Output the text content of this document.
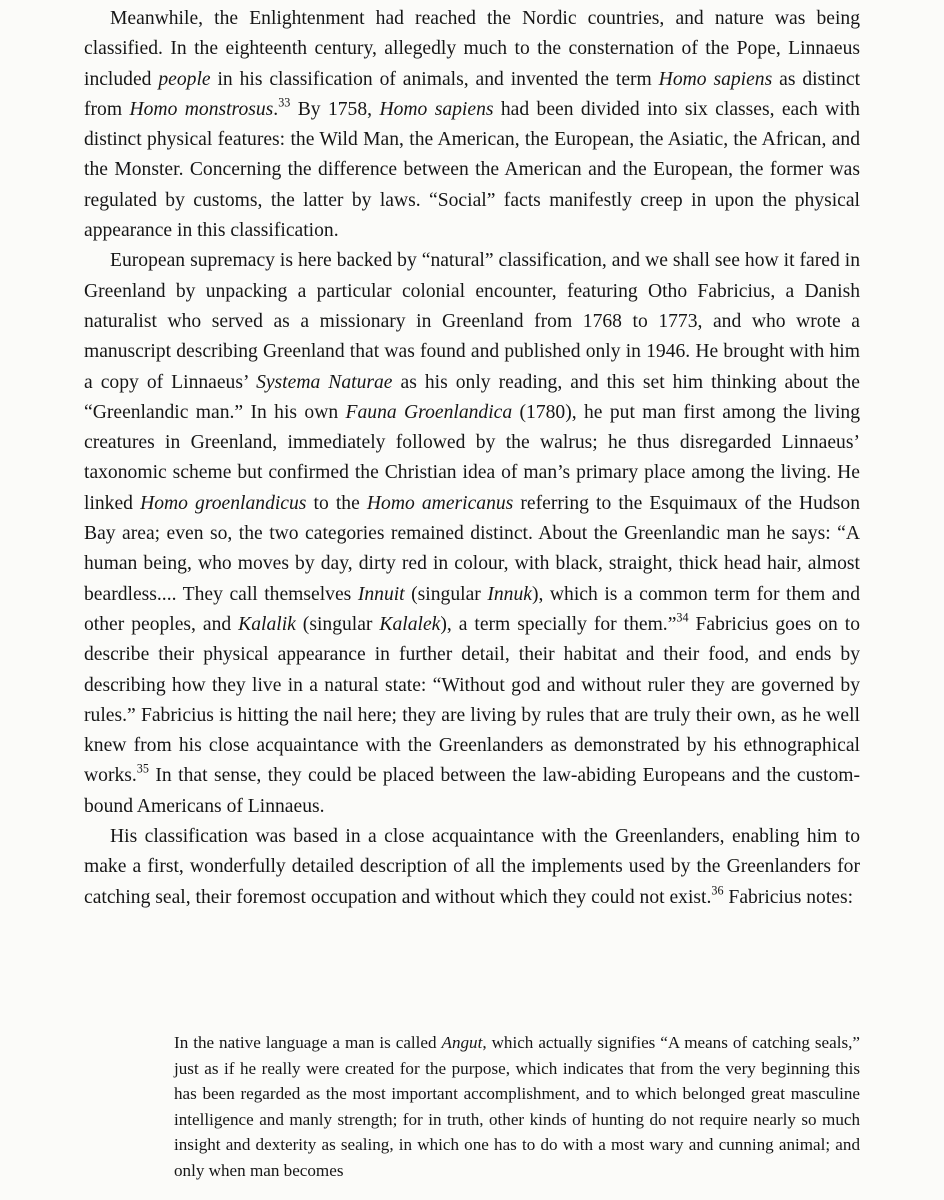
Meanwhile, the Enlightenment had reached the Nordic countries, and nature was being classified. In the eighteenth century, allegedly much to the consternation of the Pope, Linnaeus included people in his classification of animals, and invented the term Homo sapiens as distinct from Homo monstrosus.$^{33}$ By 1758, Homo sapiens had been divided into six classes, each with distinct physical features: the Wild Man, the American, the European, the Asiatic, the African, and the Monster. Concerning the difference between the American and the European, the former was regulated by customs, the latter by laws. “Social” facts manifestly creep in upon the physical appearance in this classification.

European supremacy is here backed by “natural” classification, and we shall see how it fared in Greenland by unpacking a particular colonial encounter, featuring Otho Fabricius, a Danish naturalist who served as a missionary in Greenland from 1768 to 1773, and who wrote a manuscript describing Greenland that was found and published only in 1946. He brought with him a copy of Linnaeus’ Systema Naturae as his only reading, and this set him thinking about the “Greenlandic man.” In his own Fauna Groenlandica (1780), he put man first among the living creatures in Greenland, immediately followed by the walrus; he thus disregarded Linnaeus’ taxonomic scheme but confirmed the Christian idea of man’s primary place among the living. He linked Homo groenlandicus to the Homo americanus referring to the Esquimaux of the Hudson Bay area; even so, the two categories remained distinct. About the Greenlandic man he says: “A human being, who moves by day, dirty red in colour, with black, straight, thick head hair, almost beardless.... They call themselves Innuit (singular Innuk), which is a common term for them and other peoples, and Kalalik (singular Kalalek), a term specially for them.”$^{34}$ Fabricius goes on to describe their physical appearance in further detail, their habitat and their food, and ends by describing how they live in a natural state: “Without god and without ruler they are governed by rules.” Fabricius is hitting the nail here; they are living by rules that are truly their own, as he well knew from his close acquaintance with the Greenlanders as demonstrated by his ethnographical works.$^{35}$ In that sense, they could be placed between the law-abiding Europeans and the custom-bound Americans of Linnaeus.

His classification was based in a close acquaintance with the Greenlanders, enabling him to make a first, wonderfully detailed description of all the implements used by the Greenlanders for catching seal, their foremost occupation and without which they could not exist.$^{36}$ Fabricius notes:

In the native language a man is called Angut, which actually signifies “A means of catching seals,” just as if he really were created for the purpose, which indicates that from the very beginning this has been regarded as the most important accomplishment, and to which belonged great masculine intelligence and manly strength; for in truth, other kinds of hunting do not require nearly so much insight and dexterity as sealing, in which one has to do with a most wary and cunning animal; and only when man becomes
